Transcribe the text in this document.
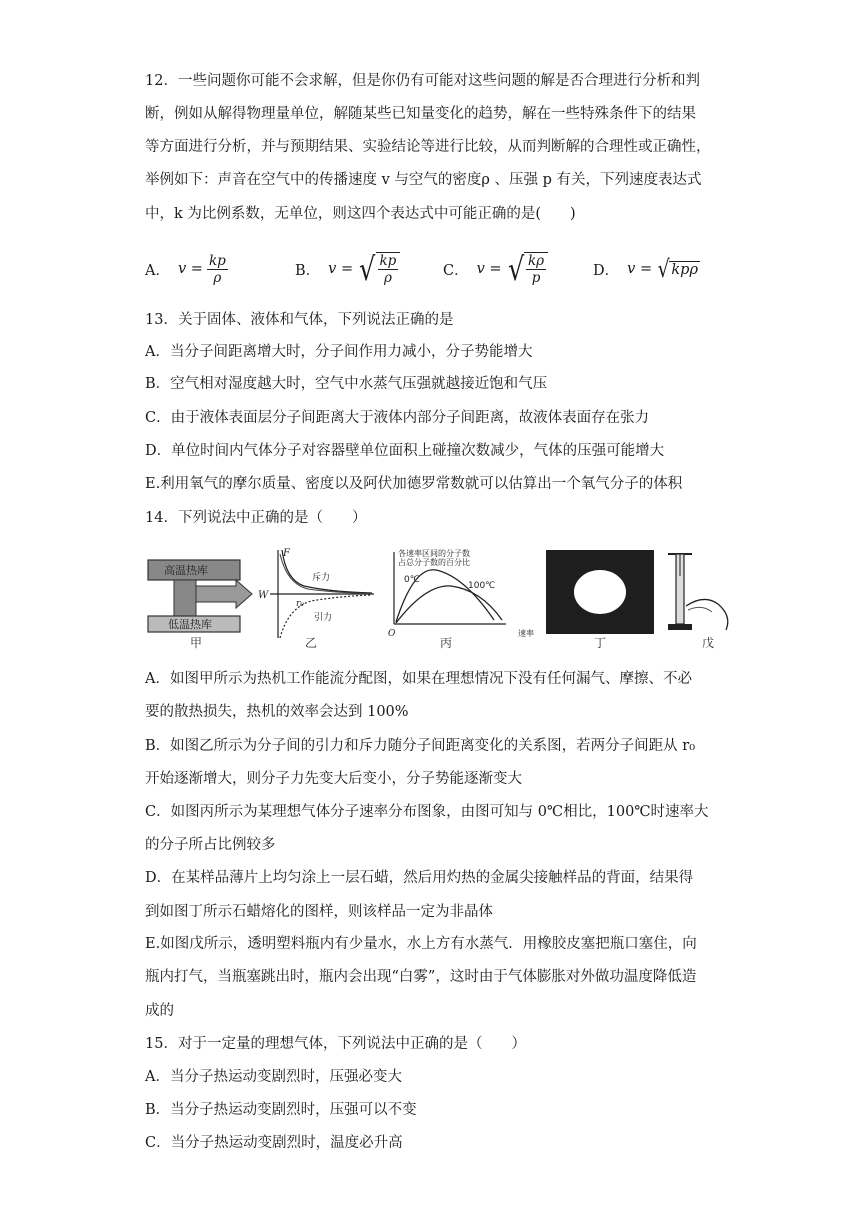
12．一些问题你可能不会求解，但是你仍有可能对这些问题的解是否合理进行分析和判
断，例如从解得物理量单位，解随某些已知量变化的趋势，解在一些特殊条件下的结果
等方面进行分析，并与预期结果、实验结论等进行比较，从而判断解的合理性或正确性，
举例如下：声音在空气中的传播速度 v 与空气的密度ρ 、压强 p 有关，下列速度表达式
中，k 为比例系数，无单位，则这四个表达式中可能正确的是(　　)
A． $v = \frac{kp}{\rho}$	B． v = √ $\frac{kp}{\rho}$	C． v = √ $\frac{k\rho}{p}$	D． v = √ kpρ
13．关于固体、液体和气体，下列说法正确的是
A．当分子间距离增大时，分子间作用力减小，分子势能增大
B．空气相对湿度越大时，空气中水蒸气压强就越接近饱和气压
C．由于液体表面层分子间距离大于液体内部分子间距离，故液体表面存在张力
D．单位时间内气体分子对容器壁单位面积上碰撞次数减少，气体的压强可能增大
E.利用氧气的摩尔质量、密度以及阿伏加德罗常数就可以估算出一个氧气分子的体积
14．下列说法中正确的是（　　）
高温热库
低温热库
W
甲
F
斥力
引力
r₀
乙
各速率区间的分子数
占总分子数的百分比
0℃
100℃
O	速率
丙	丁	戊
A．如图甲所示为热机工作能流分配图，如果在理想情况下没有任何漏气、摩擦、不必
要的散热损失，热机的效率会达到 100%
B．如图乙所示为分子间的引力和斥力随分子间距离变化的关系图，若两分子间距从 r₀
开始逐渐增大，则分子力先变大后变小，分子势能逐渐变大
C．如图丙所示为某理想气体分子速率分布图象，由图可知与 0℃相比，100℃时速率大
的分子所占比例较多
D．在某样品薄片上均匀涂上一层石蜡，然后用灼热的金属尖接触样品的背面，结果得
到如图丁所示石蜡熔化的图样，则该样品一定为非晶体
E.如图戊所示，透明塑料瓶内有少量水，水上方有水蒸气．用橡胶皮塞把瓶口塞住，向
瓶内打气，当瓶塞跳出时，瓶内会出现“白雾”，这时由于气体膨胀对外做功温度降低造
成的
15．对于一定量的理想气体，下列说法中正确的是（　　）
A．当分子热运动变剧烈时，压强必变大
B．当分子热运动变剧烈时，压强可以不变
C．当分子热运动变剧烈时，温度必升高
